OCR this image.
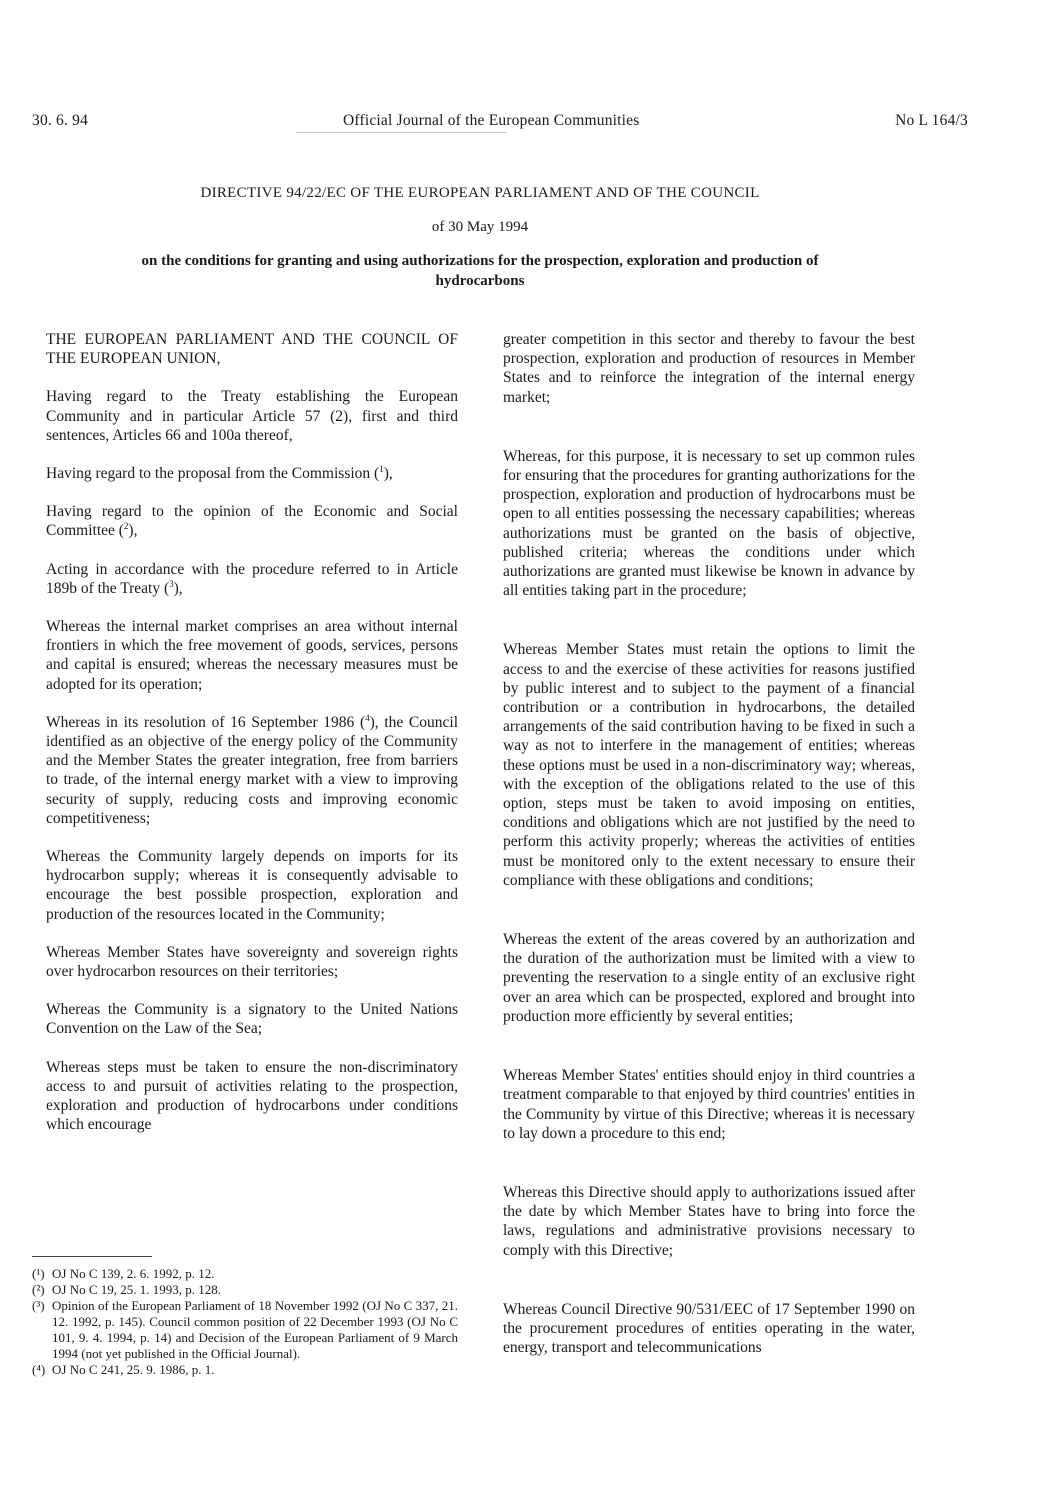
30. 6. 94	Official Journal of the European Communities	No L 164/3
DIRECTIVE 94/22/EC OF THE EUROPEAN PARLIAMENT AND OF THE COUNCIL
of 30 May 1994
on the conditions for granting and using authorizations for the prospection, exploration and production of hydrocarbons

THE EUROPEAN PARLIAMENT AND THE COUNCIL OF THE EUROPEAN UNION,

Having regard to the Treaty establishing the European Community and in particular Article 57 (2), first and third sentences, Articles 66 and 100a thereof,

Having regard to the proposal from the Commission ($^1$),

Having regard to the opinion of the Economic and Social Committee ($^2$),

Acting in accordance with the procedure referred to in Article 189b of the Treaty ($^3$),

Whereas the internal market comprises an area without internal frontiers in which the free movement of goods, services, persons and capital is ensured; whereas the necessary measures must be adopted for its operation;

Whereas in its resolution of 16 September 1986 ($^4$), the Council identified as an objective of the energy policy of the Community and the Member States the greater integration, free from barriers to trade, of the internal energy market with a view to improving security of supply, reducing costs and improving economic competitiveness;

Whereas the Community largely depends on imports for its hydrocarbon supply; whereas it is consequently advisable to encourage the best possible prospection, exploration and production of the resources located in the Community;

Whereas Member States have sovereignty and sovereign rights over hydrocarbon resources on their territories;

Whereas the Community is a signatory to the United Nations Convention on the Law of the Sea;

Whereas steps must be taken to ensure the non-discriminatory access to and pursuit of activities relating to the prospection, exploration and production of hydrocarbons under conditions which encourage

greater competition in this sector and thereby to favour the best prospection, exploration and production of resources in Member States and to reinforce the integration of the internal energy market;

Whereas, for this purpose, it is necessary to set up common rules for ensuring that the procedures for granting authorizations for the prospection, exploration and production of hydrocarbons must be open to all entities possessing the necessary capabilities; whereas authorizations must be granted on the basis of objective, published criteria; whereas the conditions under which authorizations are granted must likewise be known in advance by all entities taking part in the procedure;

Whereas Member States must retain the options to limit the access to and the exercise of these activities for reasons justified by public interest and to subject to the payment of a financial contribution or a contribution in hydrocarbons, the detailed arrangements of the said contribution having to be fixed in such a way as not to interfere in the management of entities; whereas these options must be used in a non-discriminatory way; whereas, with the exception of the obligations related to the use of this option, steps must be taken to avoid imposing on entities, conditions and obligations which are not justified by the need to perform this activity properly; whereas the activities of entities must be monitored only to the extent necessary to ensure their compliance with these obligations and conditions;

Whereas the extent of the areas covered by an authorization and the duration of the authorization must be limited with a view to preventing the reservation to a single entity of an exclusive right over an area which can be prospected, explored and brought into production more efficiently by several entities;

Whereas Member States' entities should enjoy in third countries a treatment comparable to that enjoyed by third countries' entities in the Community by virtue of this Directive; whereas it is necessary to lay down a procedure to this end;

Whereas this Directive should apply to authorizations issued after the date by which Member States have to bring into force the laws, regulations and administrative provisions necessary to comply with this Directive;

Whereas Council Directive 90/531/EEC of 17 September 1990 on the procurement procedures of entities operating in the water, energy, transport and telecommunications

(¹) OJ No C 139, 2. 6. 1992, p. 12.
(²) OJ No C 19, 25. 1. 1993, p. 128.
(³) Opinion of the European Parliament of 18 November 1992 (OJ No C 337, 21. 12. 1992, p. 145). Council common position of 22 December 1993 (OJ No C 101, 9. 4. 1994, p. 14) and Decision of the European Parliament of 9 March 1994 (not yet published in the Official Journal).
(⁴) OJ No C 241, 25. 9. 1986, p. 1.
